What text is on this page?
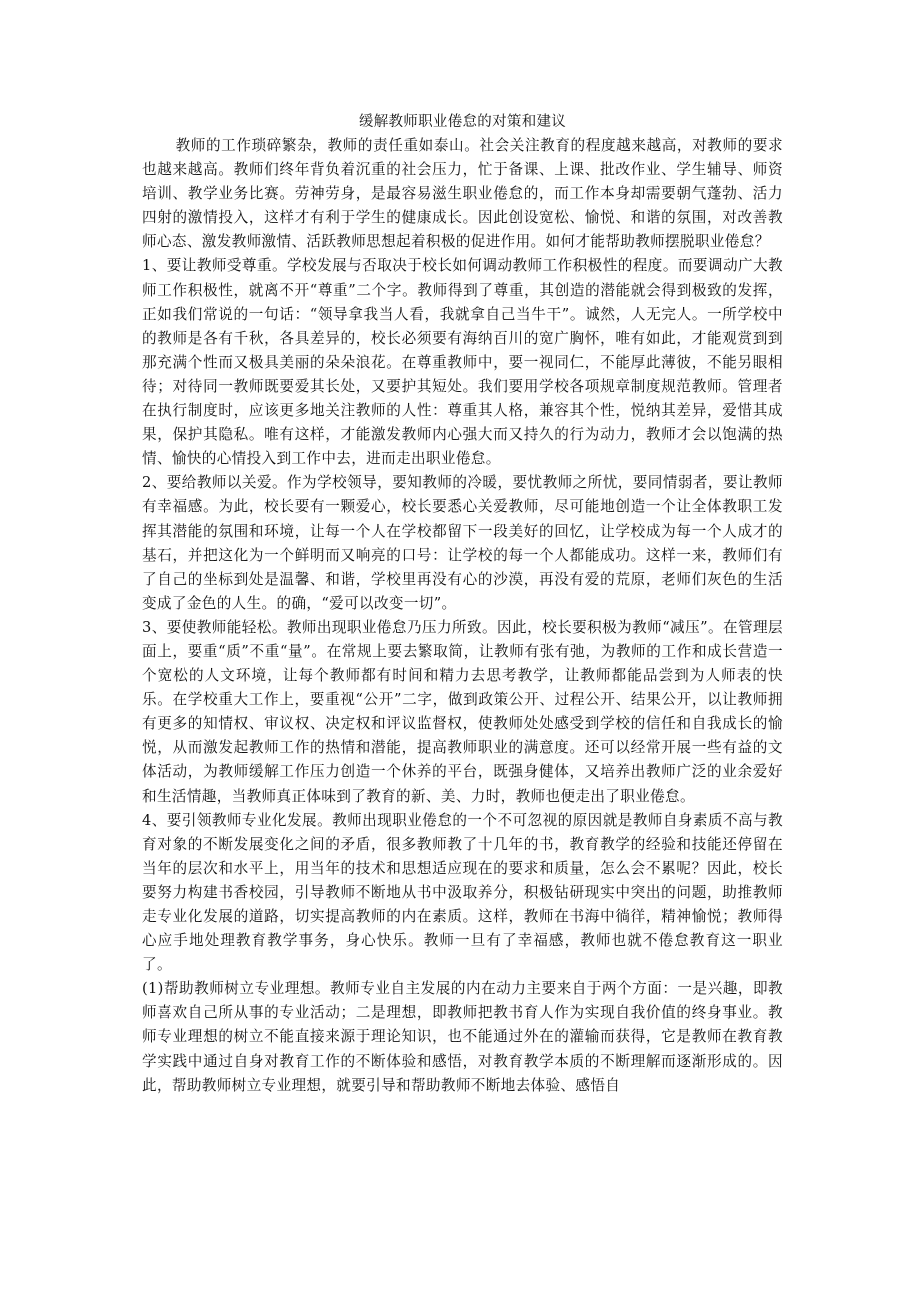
缓解教师职业倦怠的对策和建议

教师的工作琐碎繁杂，教师的责任重如泰山。社会关注教育的程度越来越高，对教师的要求也越来越高。教师们终年背负着沉重的社会压力，忙于备课、上课、批改作业、学生辅导、师资培训、教学业务比赛。劳神劳身，是最容易滋生职业倦怠的，而工作本身却需要朝气蓬勃、活力四射的激情投入，这样才有利于学生的健康成长。因此创设宽松、愉悦、和谐的氛围，对改善教师心态、激发教师激情、活跃教师思想起着积极的促进作用。如何才能帮助教师摆脱职业倦怠？

1、要让教师受尊重。学校发展与否取决于校长如何调动教师工作积极性的程度。而要调动广大教师工作积极性，就离不开“尊重”二个字。教师得到了尊重，其创造的潜能就会得到极致的发挥，正如我们常说的一句话：“领导拿我当人看，我就拿自己当牛干”。诚然，人无完人。一所学校中的教师是各有千秋，各具差异的，校长必须要有海纳百川的宽广胸怀，唯有如此，才能观赏到到那充满个性而又极具美丽的朵朵浪花。在尊重教师中，要一视同仁，不能厚此薄彼，不能另眼相待；对待同一教师既要爱其长处，又要护其短处。我们要用学校各项规章制度规范教师。管理者在执行制度时，应该更多地关注教师的人性：尊重其人格，兼容其个性，悦纳其差异，爱惜其成果，保护其隐私。唯有这样，才能激发教师内心强大而又持久的行为动力，教师才会以饱满的热情、愉快的心情投入到工作中去，进而走出职业倦怠。

2、要给教师以关爱。作为学校领导，要知教师的冷暖，要忧教师之所忧，要同情弱者，要让教师有幸福感。为此，校长要有一颗爱心，校长要悉心关爱教师，尽可能地创造一个让全体教职工发挥其潜能的氛围和环境，让每一个人在学校都留下一段美好的回忆，让学校成为每一个人成才的基石，并把这化为一个鲜明而又响亮的口号：让学校的每一个人都能成功。这样一来，教师们有了自己的坐标到处是温馨、和谐，学校里再没有心的沙漠，再没有爱的荒原，老师们灰色的生活变成了金色的人生。的确，“爱可以改变一切”。

3、要使教师能轻松。教师出现职业倦怠乃压力所致。因此，校长要积极为教师“减压”。在管理层面上，要重“质”不重“量”。在常规上要去繁取简，让教师有张有弛，为教师的工作和成长营造一个宽松的人文环境，让每个教师都有时间和精力去思考教学，让教师都能品尝到为人师表的快乐。在学校重大工作上，要重视“公开”二字，做到政策公开、过程公开、结果公开，以让教师拥有更多的知情权、审议权、决定权和评议监督权，使教师处处感受到学校的信任和自我成长的愉悦，从而激发起教师工作的热情和潜能，提高教师职业的满意度。还可以经常开展一些有益的文体活动，为教师缓解工作压力创造一个休养的平台，既强身健体，又培养出教师广泛的业余爱好和生活情趣，当教师真正体味到了教育的新、美、力时，教师也便走出了职业倦怠。

4、要引领教师专业化发展。教师出现职业倦怠的一个不可忽视的原因就是教师自身素质不高与教育对象的不断发展变化之间的矛盾，很多教师教了十几年的书，教育教学的经验和技能还停留在当年的层次和水平上，用当年的技术和思想适应现在的要求和质量，怎么会不累呢？因此，校长要努力构建书香校园，引导教师不断地从书中汲取养分，积极钻研现实中突出的问题，助推教师走专业化发展的道路，切实提高教师的内在素质。这样，教师在书海中徜徉，精神愉悦；教师得心应手地处理教育教学事务，身心快乐。教师一旦有了幸福感，教师也就不倦怠教育这一职业了。

(1)帮助教师树立专业理想。教师专业自主发展的内在动力主要来自于两个方面：一是兴趣，即教师喜欢自己所从事的专业活动；二是理想，即教师把教书育人作为实现自我价值的终身事业。教师专业理想的树立不能直接来源于理论知识，也不能通过外在的灌输而获得，它是教师在教育教学实践中通过自身对教育工作的不断体验和感悟，对教育教学本质的不断理解而逐渐形成的。因此，帮助教师树立专业理想，就要引导和帮助教师不断地去体验、感悟自
